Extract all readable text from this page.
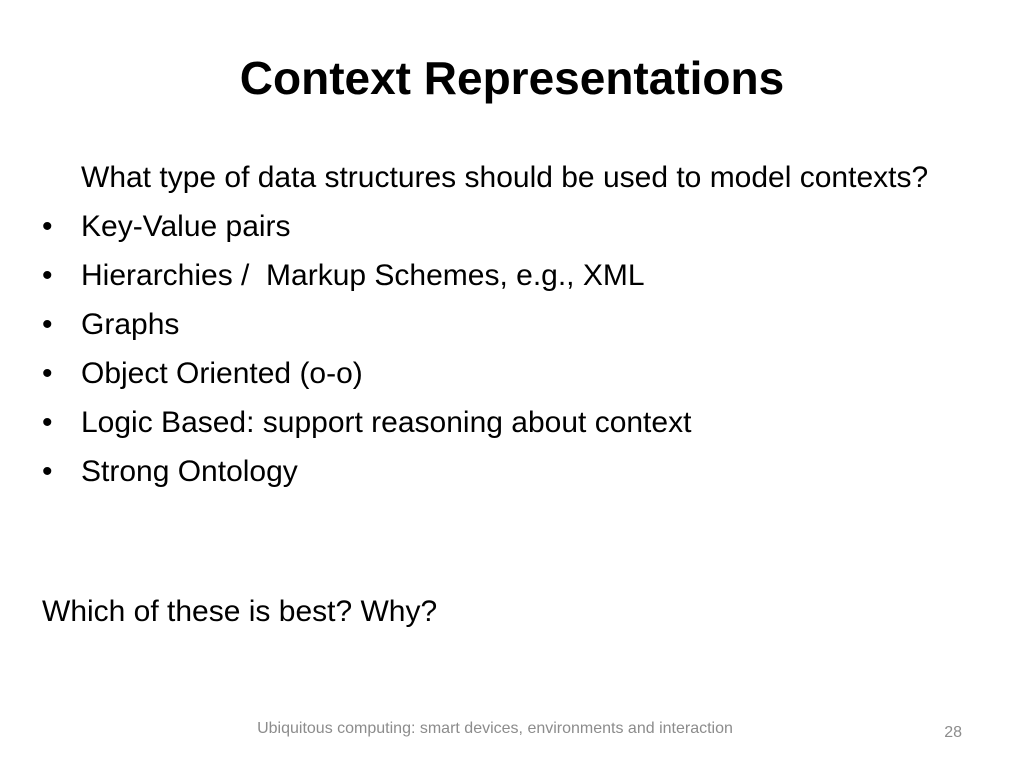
Context Representations

What type of data structures should be used to model contexts?

• Key-Value pairs
• Hierarchies /  Markup Schemes, e.g., XML
• Graphs
• Object Oriented (o-o)
• Logic Based: support reasoning about context
• Strong Ontology

Which of these is best? Why?

Ubiquitous computing: smart devices, environments and interaction	28
